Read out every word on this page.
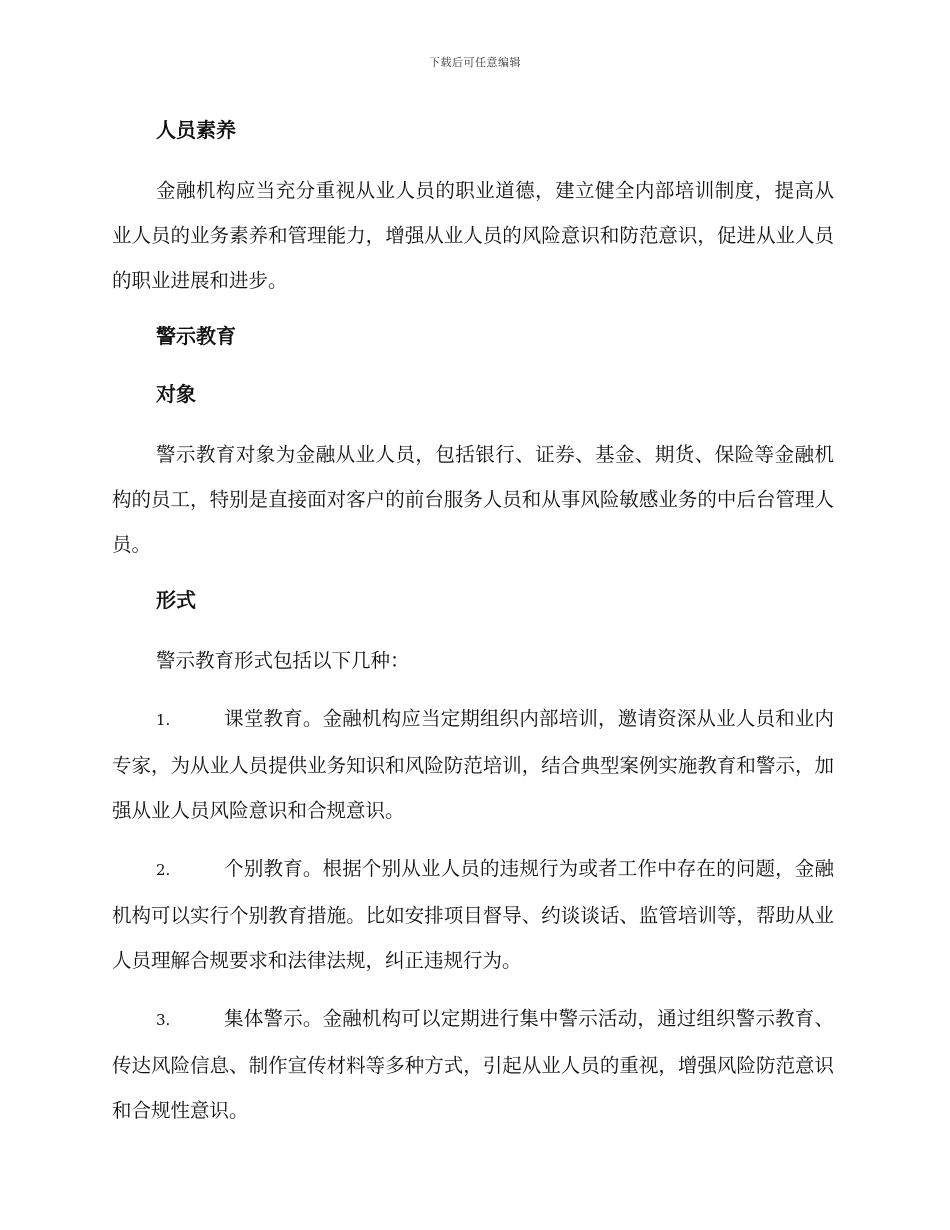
下载后可任意编辑
人员素养

金融机构应当充分重视从业人员的职业道德，建立健全内部培训制度，提高从业人员的业务素养和管理能力，增强从业人员的风险意识和防范意识，促进从业人员的职业进展和进步。

警示教育
对象

警示教育对象为金融从业人员，包括银行、证券、基金、期货、保险等金融机构的员工，特别是直接面对客户的前台服务人员和从事风险敏感业务的中后台管理人员。

形式

警示教育形式包括以下几种：

1.	课堂教育。金融机构应当定期组织内部培训，邀请资深从业人员和业内专家，为从业人员提供业务知识和风险防范培训，结合典型案例实施教育和警示，加强从业人员风险意识和合规意识。
2.	个别教育。根据个别从业人员的违规行为或者工作中存在的问题，金融机构可以实行个别教育措施。比如安排项目督导、约谈谈话、监管培训等，帮助从业人员理解合规要求和法律法规，纠正违规行为。
3.	集体警示。金融机构可以定期进行集中警示活动，通过组织警示教育、传达风险信息、制作宣传材料等多种方式，引起从业人员的重视，增强风险防范意识和合规性意识。
